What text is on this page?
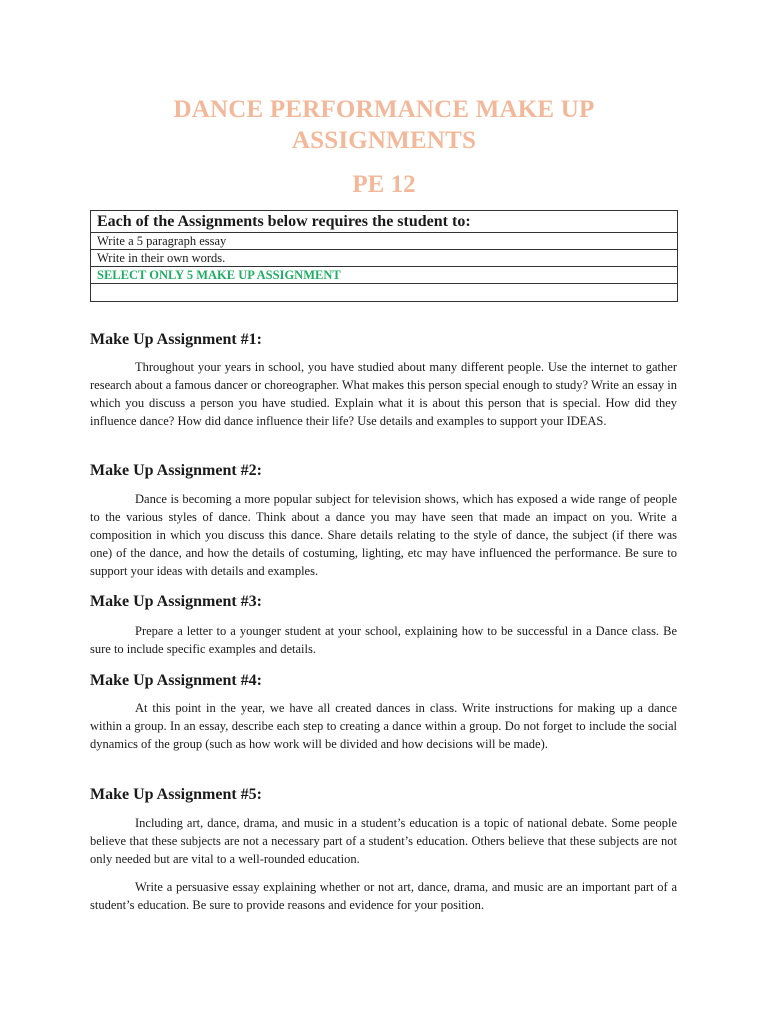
DANCE PERFORMANCE MAKE UP
ASSIGNMENTS
PE 12
Each of the Assignments below requires the student to:
Write a 5 paragraph essay
Write in their own words.
SELECT ONLY 5 MAKE UP ASSIGNMENT
Make Up Assignment #1:
Throughout your years in school, you have studied about many different people. Use the internet to gather research about a famous dancer or choreographer. What makes this person special enough to study? Write an essay in which you discuss a person you have studied. Explain what it is about this person that is special. How did they influence dance? How did dance influence their life? Use details and examples to support your IDEAS.
Make Up Assignment #2:
Dance is becoming a more popular subject for television shows, which has exposed a wide range of people to the various styles of dance. Think about a dance you may have seen that made an impact on you. Write a composition in which you discuss this dance. Share details relating to the style of dance, the subject (if there was one) of the dance, and how the details of costuming, lighting, etc may have influenced the performance. Be sure to support your ideas with details and examples.
Make Up Assignment #3:
Prepare a letter to a younger student at your school, explaining how to be successful in a Dance class. Be sure to include specific examples and details.
Make Up Assignment #4:
At this point in the year, we have all created dances in class. Write instructions for making up a dance within a group. In an essay, describe each step to creating a dance within a group. Do not forget to include the social dynamics of the group (such as how work will be divided and how decisions will be made).
Make Up Assignment #5:
Including art, dance, drama, and music in a student’s education is a topic of national debate. Some people believe that these subjects are not a necessary part of a student’s education. Others believe that these subjects are not only needed but are vital to a well-rounded education.
Write a persuasive essay explaining whether or not art, dance, drama, and music are an important part of a student’s education. Be sure to provide reasons and evidence for your position.
